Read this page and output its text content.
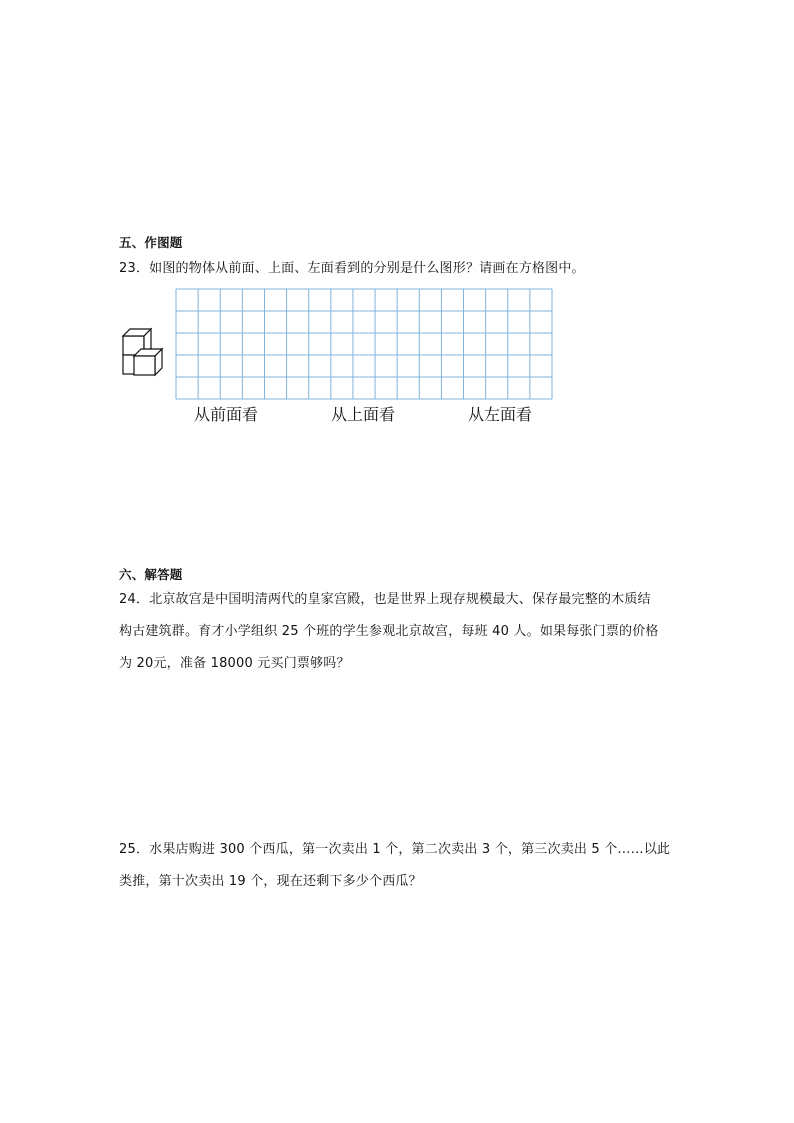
五、作图题
23．如图的物体从前面、上面、左面看到的分别是什么图形？请画在方格图中。
从前面看	从上面看	从左面看
六、解答题
24．北京故宫是中国明清两代的皇家宫殿，也是世界上现存规模最大、保存最完整的木质结
构古建筑群。育才小学组织 25 个班的学生参观北京故宫，每班 40 人。如果每张门票的价格
为 20元，准备 18000 元买门票够吗？
25．水果店购进 300 个西瓜，第一次卖出 1 个，第二次卖出 3 个，第三次卖出 5 个……以此
类推，第十次卖出 19 个，现在还剩下多少个西瓜？
